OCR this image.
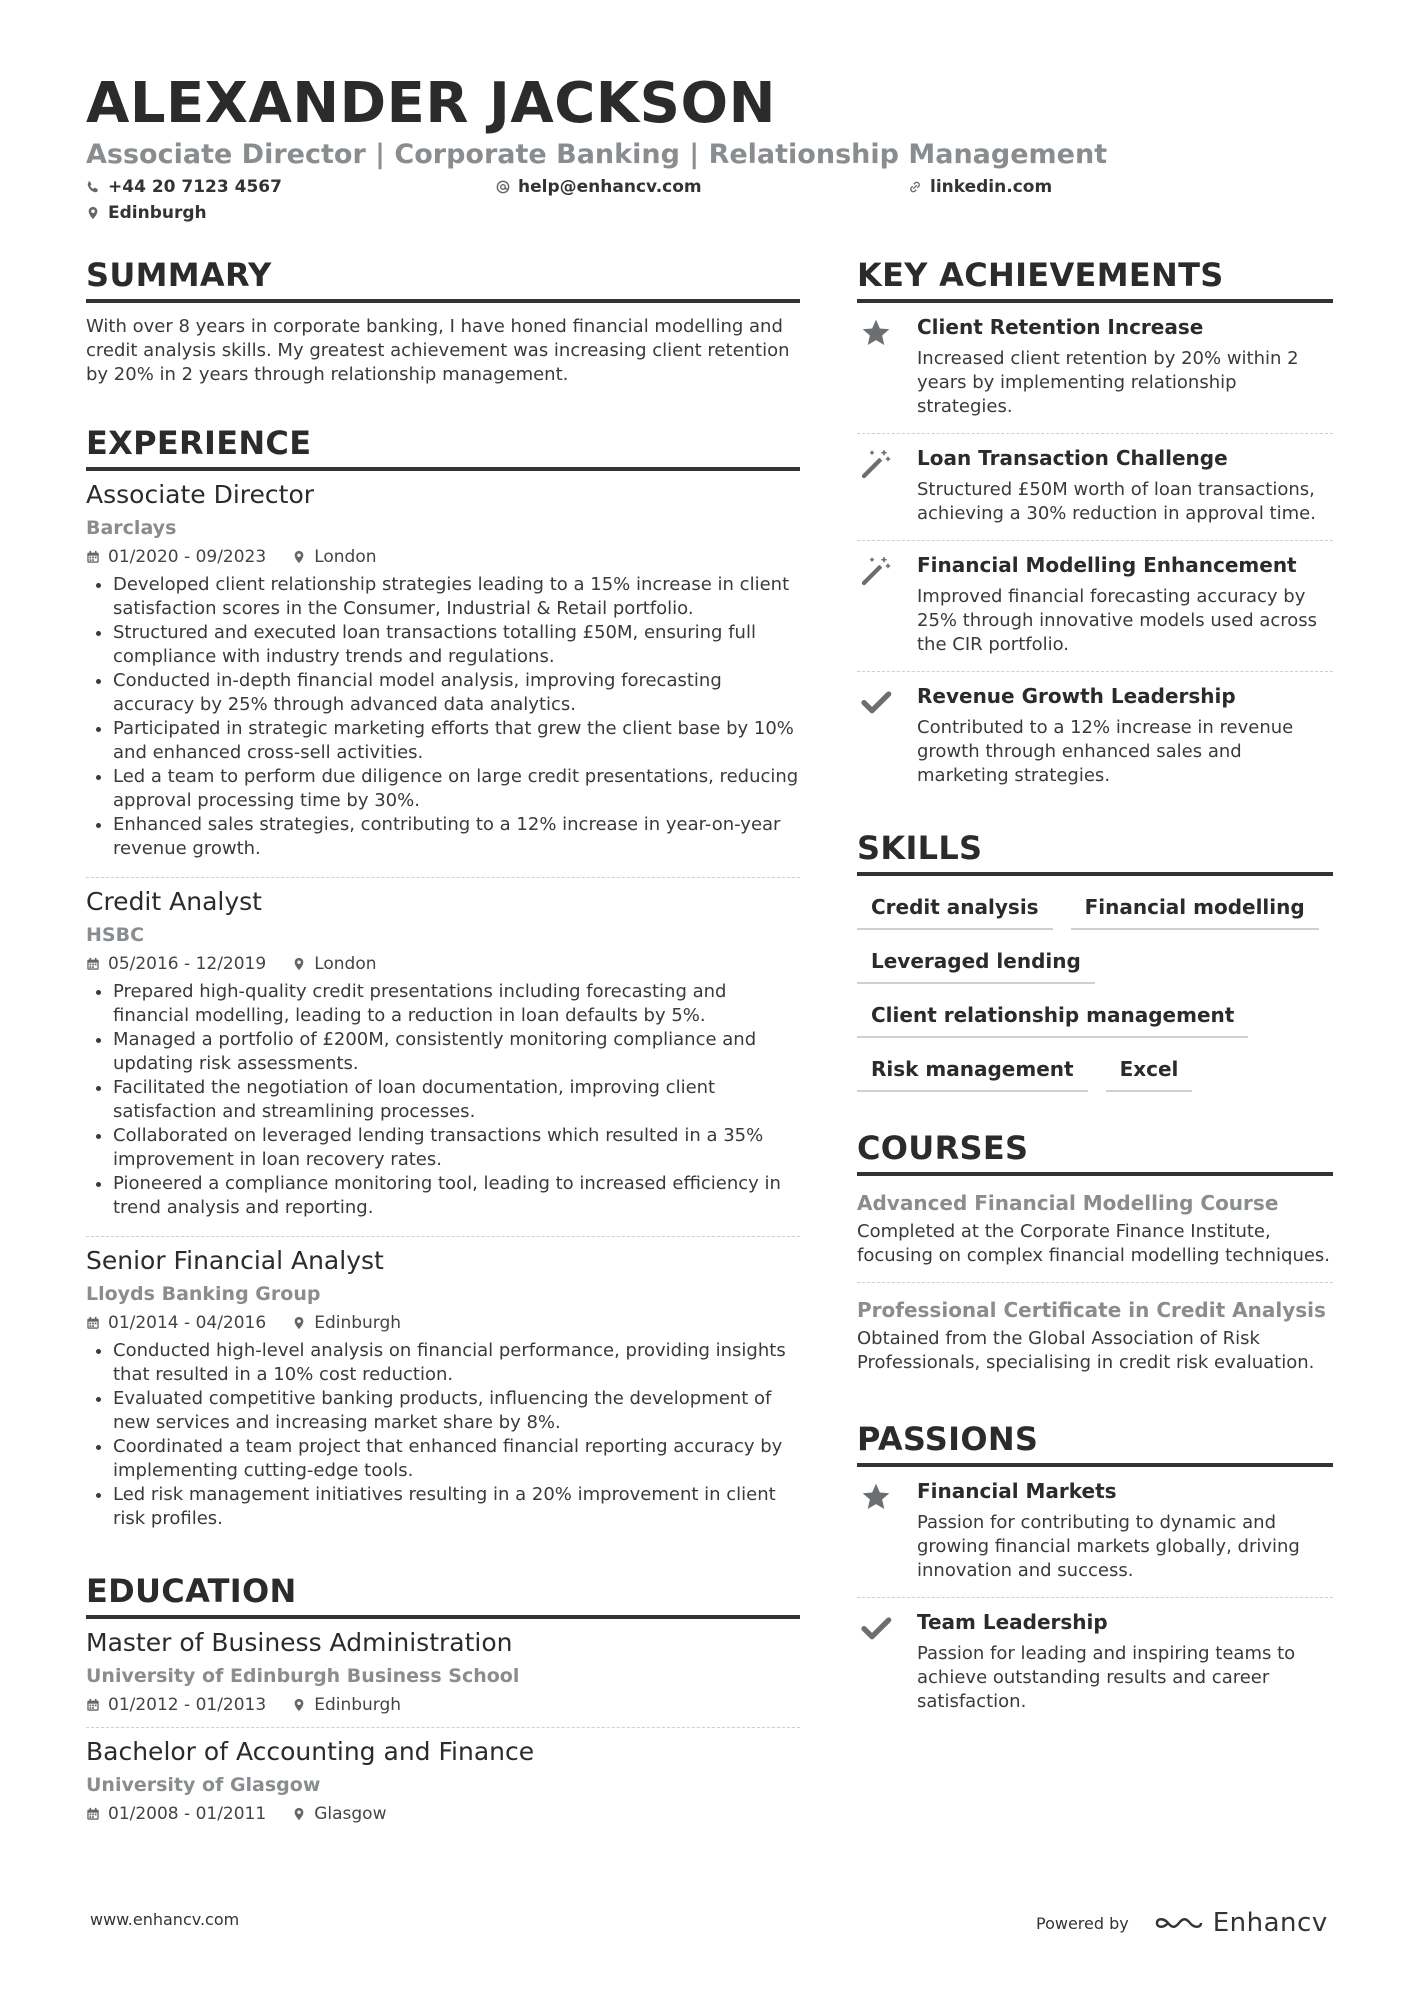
ALEXANDER JACKSON
Associate Director | Corporate Banking | Relationship Management
+44 20 7123 4567	help@enhancv.com	linkedin.com
Edinburgh
SUMMARY

With over 8 years in corporate banking, I have honed financial modelling and credit analysis skills. My greatest achievement was increasing client retention by 20% in 2 years through relationship management.

EXPERIENCE
Associate Director
Barclays
01/2020 - 09/2023	London
• Developed client relationship strategies leading to a 15% increase in client satisfaction scores in the Consumer, Industrial & Retail portfolio.
• Structured and executed loan transactions totalling £50M, ensuring full compliance with industry trends and regulations.
• Conducted in-depth financial model analysis, improving forecasting accuracy by 25% through advanced data analytics.
• Participated in strategic marketing efforts that grew the client base by 10% and enhanced cross-sell activities.
• Led a team to perform due diligence on large credit presentations, reducing approval processing time by 30%.
• Enhanced sales strategies, contributing to a 12% increase in year-on-year revenue growth.
Credit Analyst
HSBC
05/2016 - 12/2019	London
• Prepared high-quality credit presentations including forecasting and financial modelling, leading to a reduction in loan defaults by 5%.
• Managed a portfolio of £200M, consistently monitoring compliance and updating risk assessments.
• Facilitated the negotiation of loan documentation, improving client satisfaction and streamlining processes.
• Collaborated on leveraged lending transactions which resulted in a 35% improvement in loan recovery rates.
• Pioneered a compliance monitoring tool, leading to increased efficiency in trend analysis and reporting.
Senior Financial Analyst
Lloyds Banking Group
01/2014 - 04/2016	Edinburgh
• Conducted high-level analysis on financial performance, providing insights that resulted in a 10% cost reduction.
• Evaluated competitive banking products, influencing the development of new services and increasing market share by 8%.
• Coordinated a team project that enhanced financial reporting accuracy by implementing cutting-edge tools.
• Led risk management initiatives resulting in a 20% improvement in client risk profiles.
EDUCATION
Master of Business Administration
University of Edinburgh Business School
01/2012 - 01/2013	Edinburgh
Bachelor of Accounting and Finance
University of Glasgow
01/2008 - 01/2011	Glasgow
KEY ACHIEVEMENTS
Client Retention Increase
Increased client retention by 20% within 2 years by implementing relationship strategies.
Loan Transaction Challenge
Structured £50M worth of loan transactions, achieving a 30% reduction in approval time.
Financial Modelling Enhancement
Improved financial forecasting accuracy by 25% through innovative models used across the CIR portfolio.
Revenue Growth Leadership
Contributed to a 12% increase in revenue growth through enhanced sales and marketing strategies.
SKILLS
Credit analysis	Financial modelling
Leveraged lending
Client relationship management
Risk management	Excel
COURSES
Advanced Financial Modelling Course
Completed at the Corporate Finance Institute, focusing on complex financial modelling techniques.
Professional Certificate in Credit Analysis
Obtained from the Global Association of Risk Professionals, specialising in credit risk evaluation.
PASSIONS
Financial Markets
Passion for contributing to dynamic and growing financial markets globally, driving innovation and success.
Team Leadership
Passion for leading and inspiring teams to achieve outstanding results and career satisfaction.
www.enhancv.com	Powered by	Enhancv
